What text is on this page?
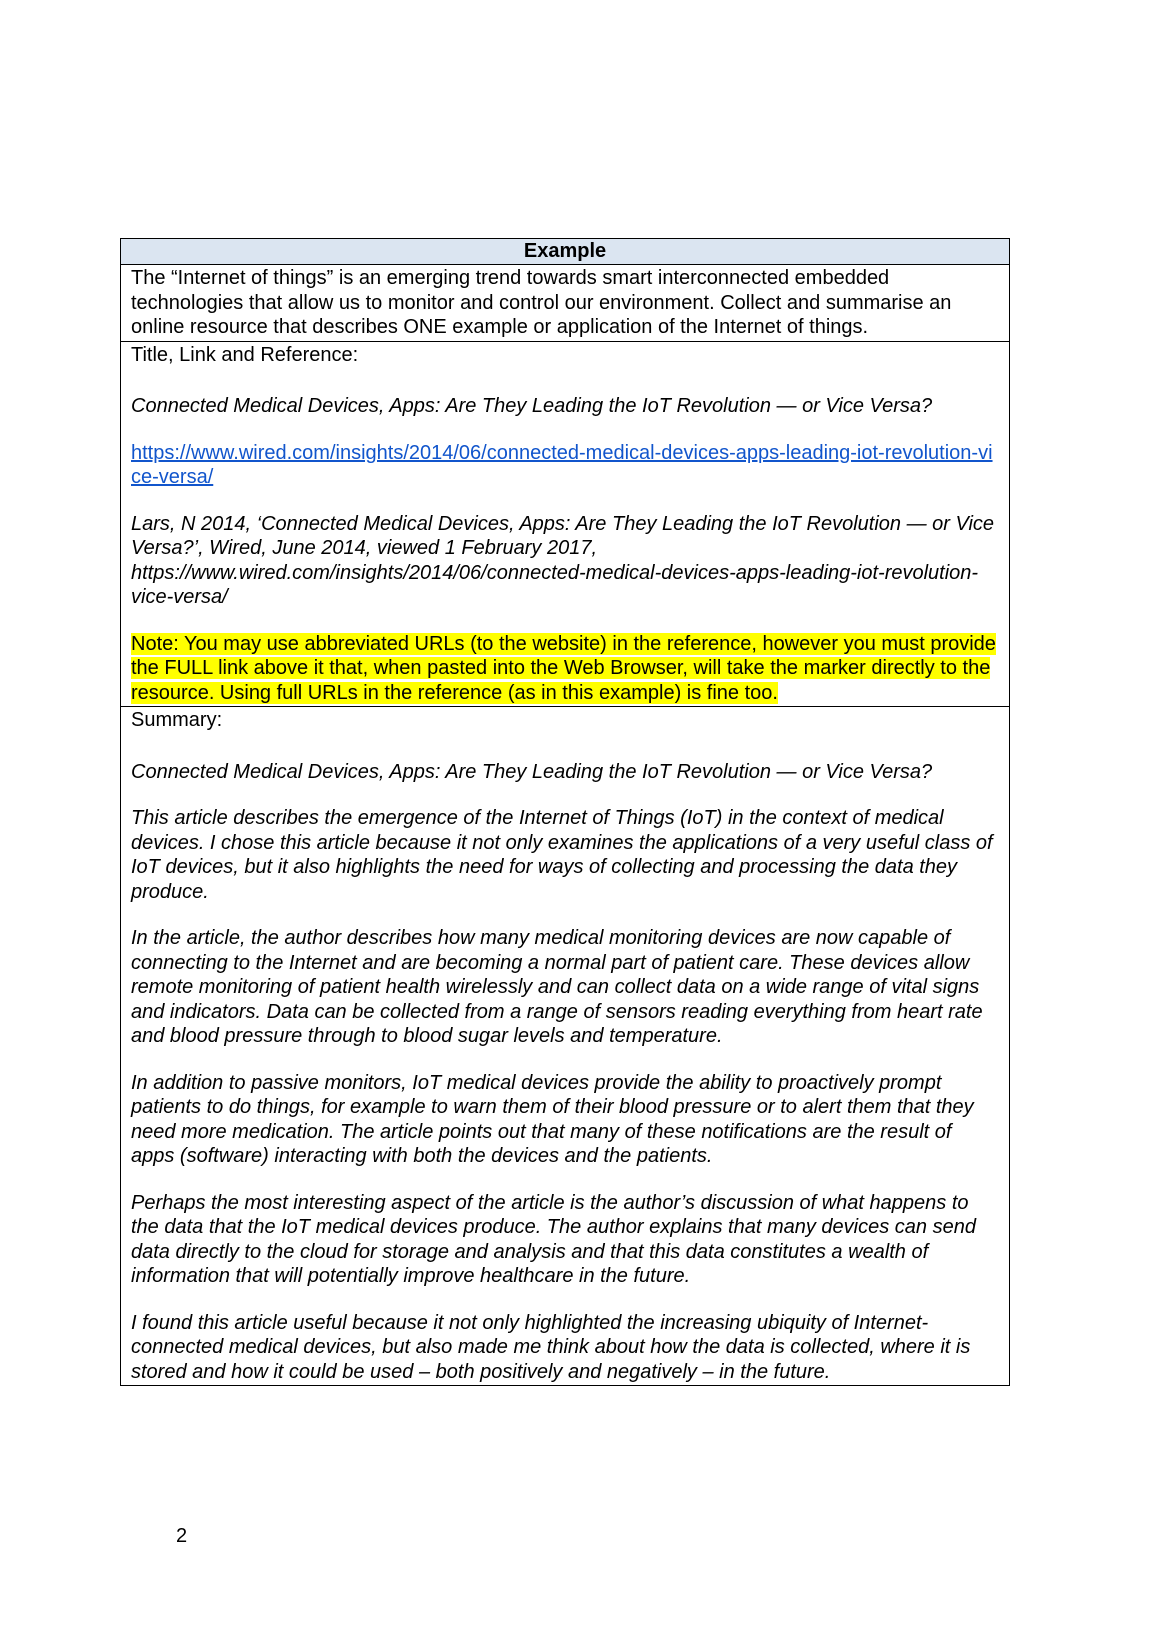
Example

The “Internet of things” is an emerging trend towards smart interconnected embedded technologies that allow us to monitor and control our environment. Collect and summarise an online resource that describes ONE example or application of the Internet of things.

Title, Link and Reference:

Connected Medical Devices, Apps: Are They Leading the IoT Revolution — or Vice Versa?

https://www.wired.com/insights/2014/06/connected-medical-devices-apps-leading-iot-revolution-vice-versa/

Lars, N 2014, ‘Connected Medical Devices, Apps: Are They Leading the IoT Revolution — or Vice Versa?’, Wired, June 2014, viewed 1 February 2017, https://www.wired.com/insights/2014/06/connected-medical-devices-apps-leading-iot-revolution-vice-versa/

Note: You may use abbreviated URLs (to the website) in the reference, however you must provide the FULL link above it that, when pasted into the Web Browser, will take the marker directly to the resource. Using full URLs in the reference (as in this example) is fine too.

Summary:

Connected Medical Devices, Apps: Are They Leading the IoT Revolution — or Vice Versa?

This article describes the emergence of the Internet of Things (IoT) in the context of medical devices. I chose this article because it not only examines the applications of a very useful class of IoT devices, but it also highlights the need for ways of collecting and processing the data they produce.

In the article, the author describes how many medical monitoring devices are now capable of connecting to the Internet and are becoming a normal part of patient care. These devices allow remote monitoring of patient health wirelessly and can collect data on a wide range of vital signs and indicators. Data can be collected from a range of sensors reading everything from heart rate and blood pressure through to blood sugar levels and temperature.

In addition to passive monitors, IoT medical devices provide the ability to proactively prompt patients to do things, for example to warn them of their blood pressure or to alert them that they need more medication. The article points out that many of these notifications are the result of apps (software) interacting with both the devices and the patients.

Perhaps the most interesting aspect of the article is the author’s discussion of what happens to the data that the IoT medical devices produce. The author explains that many devices can send data directly to the cloud for storage and analysis and that this data constitutes a wealth of information that will potentially improve healthcare in the future.

I found this article useful because it not only highlighted the increasing ubiquity of Internet-connected medical devices, but also made me think about how the data is collected, where it is stored and how it could be used – both positively and negatively – in the future.

2
